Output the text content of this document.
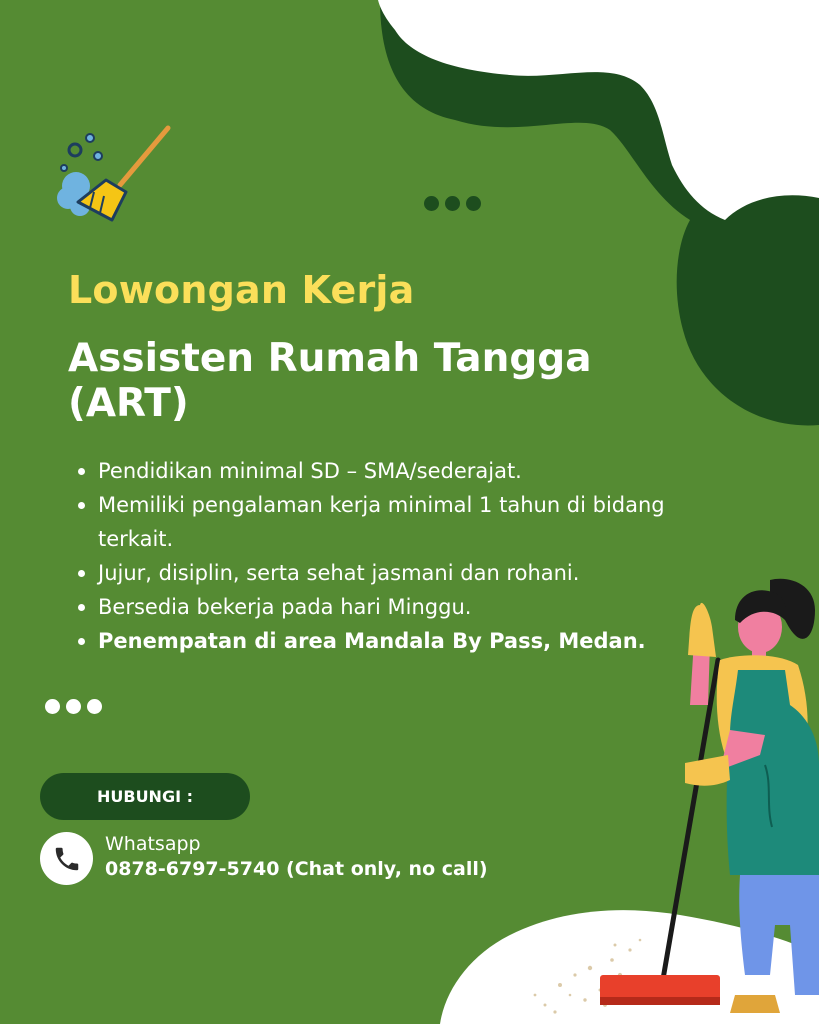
Lowongan Kerja
Assisten Rumah Tangga (ART)
Pendidikan minimal SD – SMA/sederajat.
Memiliki pengalaman kerja minimal 1 tahun di bidang terkait.
Jujur, disiplin, serta sehat jasmani dan rohani.
Bersedia bekerja pada hari Minggu.
Penempatan di area Mandala By Pass, Medan.
HUBUNGI :
Whatsapp
0878-6797-5740 (Chat only, no call)
